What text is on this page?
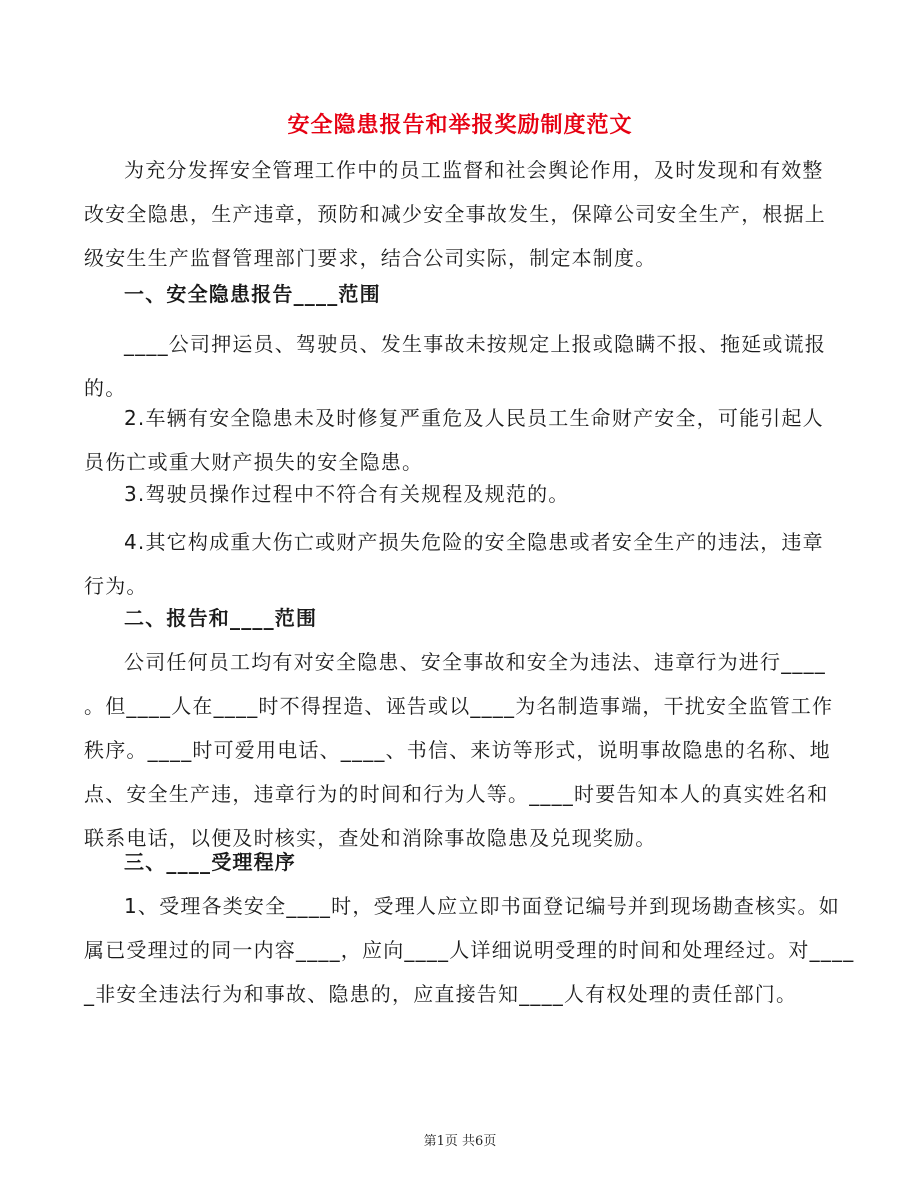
安全隐患报告和举报奖励制度范文

为充分发挥安全管理工作中的员工监督和社会舆论作用，及时发现和有效整

改安全隐患，生产违章，预防和减少安全事故发生，保障公司安全生产，根据上

级安生生产监督管理部门要求，结合公司实际，制定本制度。

一、安全隐患报告____范围

____公司押运员、驾驶员、发生事故未按规定上报或隐瞒不报、拖延或谎报

的。

2.车辆有安全隐患未及时修复严重危及人民员工生命财产安全，可能引起人

员伤亡或重大财产损失的安全隐患。

3.驾驶员操作过程中不符合有关规程及规范的。

4.其它构成重大伤亡或财产损失危险的安全隐患或者安全生产的违法，违章

行为。

二、报告和____范围

公司任何员工均有对安全隐患、安全事故和安全为违法、违章行为进行____

。但____人在____时不得捏造、诬告或以____为名制造事端，干扰安全监管工作

秩序。____时可爱用电话、____、书信、来访等形式，说明事故隐患的名称、地

点、安全生产违，违章行为的时间和行为人等。____时要告知本人的真实姓名和

联系电话，以便及时核实，查处和消除事故隐患及兑现奖励。

三、____受理程序

1、受理各类安全____时，受理人应立即书面登记编号并到现场勘查核实。如

属已受理过的同一内容____，应向____人详细说明受理的时间和处理经过。对____

_非安全违法行为和事故、隐患的，应直接告知____人有权处理的责任部门。

第1页 共6页
